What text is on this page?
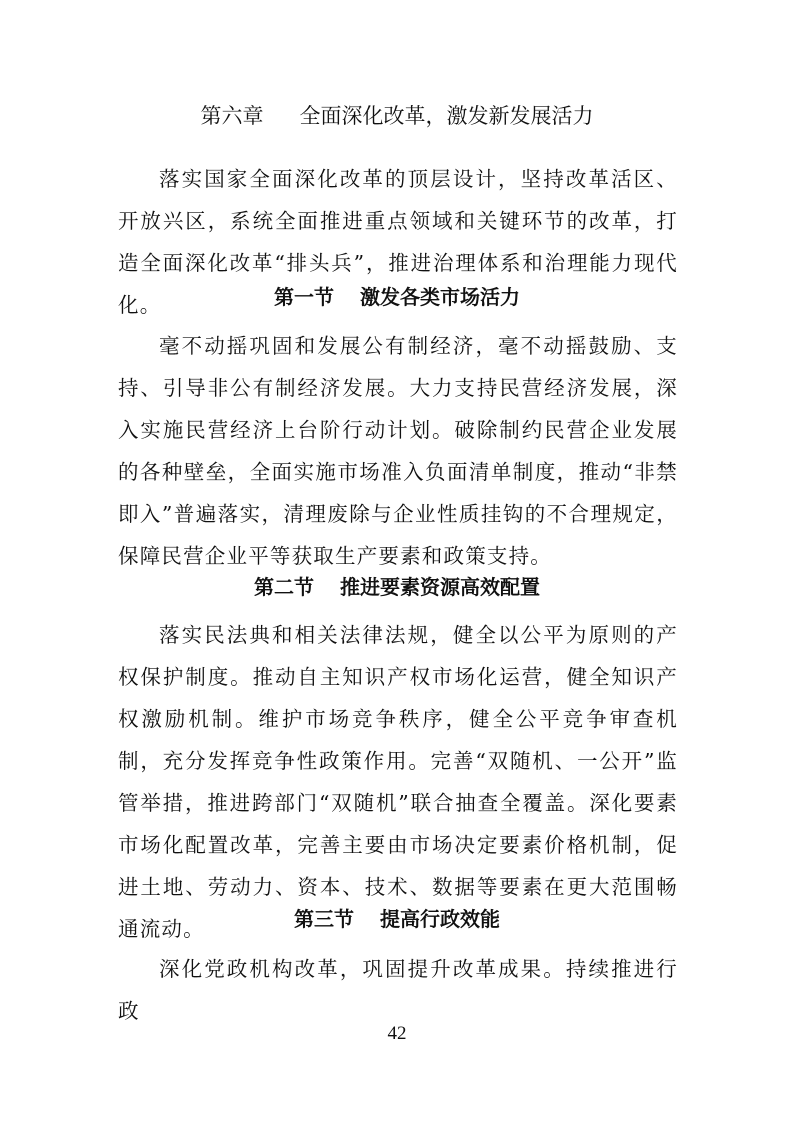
第六章 全面深化改革，激发新发展活力

落实国家全面深化改革的顶层设计，坚持改革活区、开放兴区，系统全面推进重点领域和关键环节的改革，打造全面深化改革“排头兵”，推进治理体系和治理能力现代化。	第一节 激发各类市场活力

毫不动摇巩固和发展公有制经济，毫不动摇鼓励、支持、引导非公有制经济发展。大力支持民营经济发展，深入实施民营经济上台阶行动计划。破除制约民营企业发展的各种壁垒，全面实施市场准入负面清单制度，推动“非禁即入”普遍落实，清理废除与企业性质挂钩的不合理规定，保障民营企业平等获取生产要素和政策支持。

第二节 推进要素资源高效配置

落实民法典和相关法律法规，健全以公平为原则的产权保护制度。推动自主知识产权市场化运营，健全知识产权激励机制。维护市场竞争秩序，健全公平竞争审查机制，充分发挥竞争性政策作用。完善“双随机、一公开”监管举措，推进跨部门“双随机”联合抽查全覆盖。深化要素市场化配置改革，完善主要由市场决定要素价格机制，促进土地、劳动力、资本、技术、数据等要素在更大范围畅通流动。	第三节 提高行政效能

深化党政机构改革，巩固提升改革成果。持续推进行政

42
